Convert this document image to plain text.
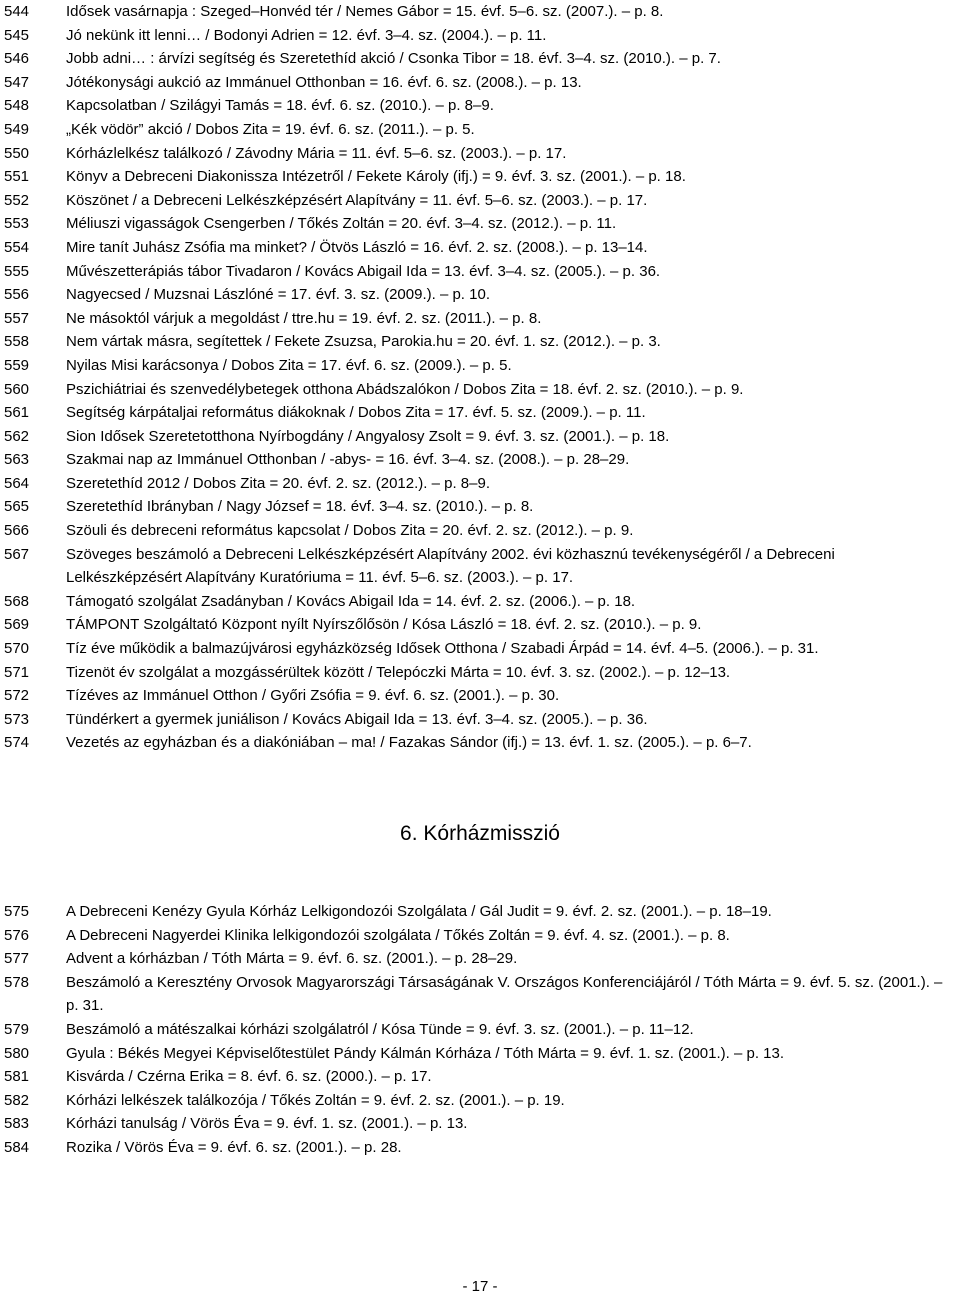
544	Idősek vasárnapja : Szeged–Honvéd tér / Nemes Gábor = 15. évf. 5–6. sz. (2007.). – p. 8.
545	Jó nekünk itt lenni… / Bodonyi Adrien = 12. évf. 3–4. sz. (2004.). – p. 11.
546	Jobb adni… : árvízi segítség és Szeretethíd akció / Csonka Tibor = 18. évf. 3–4. sz. (2010.). – p. 7.
547	Jótékonysági aukció az Immánuel Otthonban = 16. évf. 6. sz. (2008.). – p. 13.
548	Kapcsolatban / Szilágyi Tamás = 18. évf. 6. sz. (2010.). – p. 8–9.
549	„Kék vödör” akció / Dobos Zita = 19. évf. 6. sz. (2011.). – p. 5.
550	Kórházlelkész találkozó / Závodny Mária = 11. évf. 5–6. sz. (2003.). – p. 17.
551	Könyv a Debreceni Diakonissza Intézetről / Fekete Károly (ifj.) = 9. évf. 3. sz. (2001.). – p. 18.
552	Köszönet / a Debreceni Lelkészképzésért Alapítvány = 11. évf. 5–6. sz. (2003.). – p. 17.
553	Méliuszi vigasságok Csengerben / Tőkés Zoltán = 20. évf. 3–4. sz. (2012.). – p. 11.
554	Mire tanít Juhász Zsófia ma minket? / Ötvös László = 16. évf. 2. sz. (2008.). – p. 13–14.
555	Művészetterápiás tábor Tivadaron / Kovács Abigail Ida = 13. évf. 3–4. sz. (2005.). – p. 36.
556	Nagyecsed / Muzsnai Lászlóné = 17. évf. 3. sz. (2009.). – p. 10.
557	Ne másoktól várjuk a megoldást / ttre.hu = 19. évf. 2. sz. (2011.). – p. 8.
558	Nem vártak másra, segítettek / Fekete Zsuzsa, Parokia.hu = 20. évf. 1. sz. (2012.). – p. 3.
559	Nyilas Misi karácsonya / Dobos Zita = 17. évf. 6. sz. (2009.). – p. 5.
560	Pszichiátriai és szenvedélybetegek otthona Abádszalókon / Dobos Zita = 18. évf. 2. sz. (2010.). – p. 9.
561	Segítség kárpátaljai református diákoknak / Dobos Zita = 17. évf. 5. sz. (2009.). – p. 11.
562	Sion Idősek Szeretetotthona Nyírbogdány / Angyalosy Zsolt = 9. évf. 3. sz. (2001.). – p. 18.
563	Szakmai nap az Immánuel Otthonban / -abys- = 16. évf. 3–4. sz. (2008.). – p. 28–29.
564	Szeretethíd 2012 / Dobos Zita = 20. évf. 2. sz. (2012.). – p. 8–9.
565	Szeretethíd Ibrányban / Nagy József = 18. évf. 3–4. sz. (2010.). – p. 8.
566	Szöuli és debreceni református kapcsolat / Dobos Zita = 20. évf. 2. sz. (2012.). – p. 9.
567	Szöveges beszámoló a Debreceni Lelkészképzésért Alapítvány 2002. évi közhasznú tevékenységéről / a Debreceni Lelkészképzésért Alapítvány Kuratóriuma = 11. évf. 5–6. sz. (2003.). – p. 17.
568	Támogató szolgálat Zsadányban / Kovács Abigail Ida = 14. évf. 2. sz. (2006.). – p. 18.
569	TÁMPONT Szolgáltató Központ nyílt Nyírszőlősön / Kósa László = 18. évf. 2. sz. (2010.). – p. 9.
570	Tíz éve működik a balmazújvárosi egyházközség Idősek Otthona / Szabadi Árpád = 14. évf. 4–5. (2006.). – p. 31.
571	Tizenöt év szolgálat a mozgássérültek között / Telepóczki Márta = 10. évf. 3. sz. (2002.). – p. 12–13.
572	Tízéves az Immánuel Otthon / Győri Zsófia = 9. évf. 6. sz. (2001.). – p. 30.
573	Tündérkert a gyermek juniálison / Kovács Abigail Ida = 13. évf. 3–4. sz. (2005.). – p. 36.
574	Vezetés az egyházban és a diakóniában – ma! / Fazakas Sándor (ifj.) = 13. évf. 1. sz. (2005.). – p. 6–7.
6. Kórházmisszió
575	A Debreceni Kenézy Gyula Kórház Lelkigondozói Szolgálata / Gál Judit = 9. évf. 2. sz. (2001.). – p. 18–19.
576	A Debreceni Nagyerdei Klinika lelkigondozói szolgálata / Tőkés Zoltán = 9. évf. 4. sz. (2001.). – p. 8.
577	Advent a kórházban / Tóth Márta = 9. évf. 6. sz. (2001.). – p. 28–29.
578	Beszámoló a Keresztény Orvosok Magyarországi Társaságának V. Országos Konferenciájáról / Tóth Márta = 9. évf. 5. sz. (2001.). – p. 31.
579	Beszámoló a mátészalkai kórházi szolgálatról / Kósa Tünde = 9. évf. 3. sz. (2001.). – p. 11–12.
580	Gyula : Békés Megyei Képviselőtestület Pándy Kálmán Kórháza / Tóth Márta = 9. évf. 1. sz. (2001.). – p. 13.
581	Kisvárda / Czérna Erika = 8. évf. 6. sz. (2000.). – p. 17.
582	Kórházi lelkészek találkozója / Tőkés Zoltán = 9. évf. 2. sz. (2001.). – p. 19.
583	Kórházi tanulság / Vörös Éva = 9. évf. 1. sz. (2001.). – p. 13.
584	Rozika / Vörös Éva = 9. évf. 6. sz. (2001.). – p. 28.
- 17 -
